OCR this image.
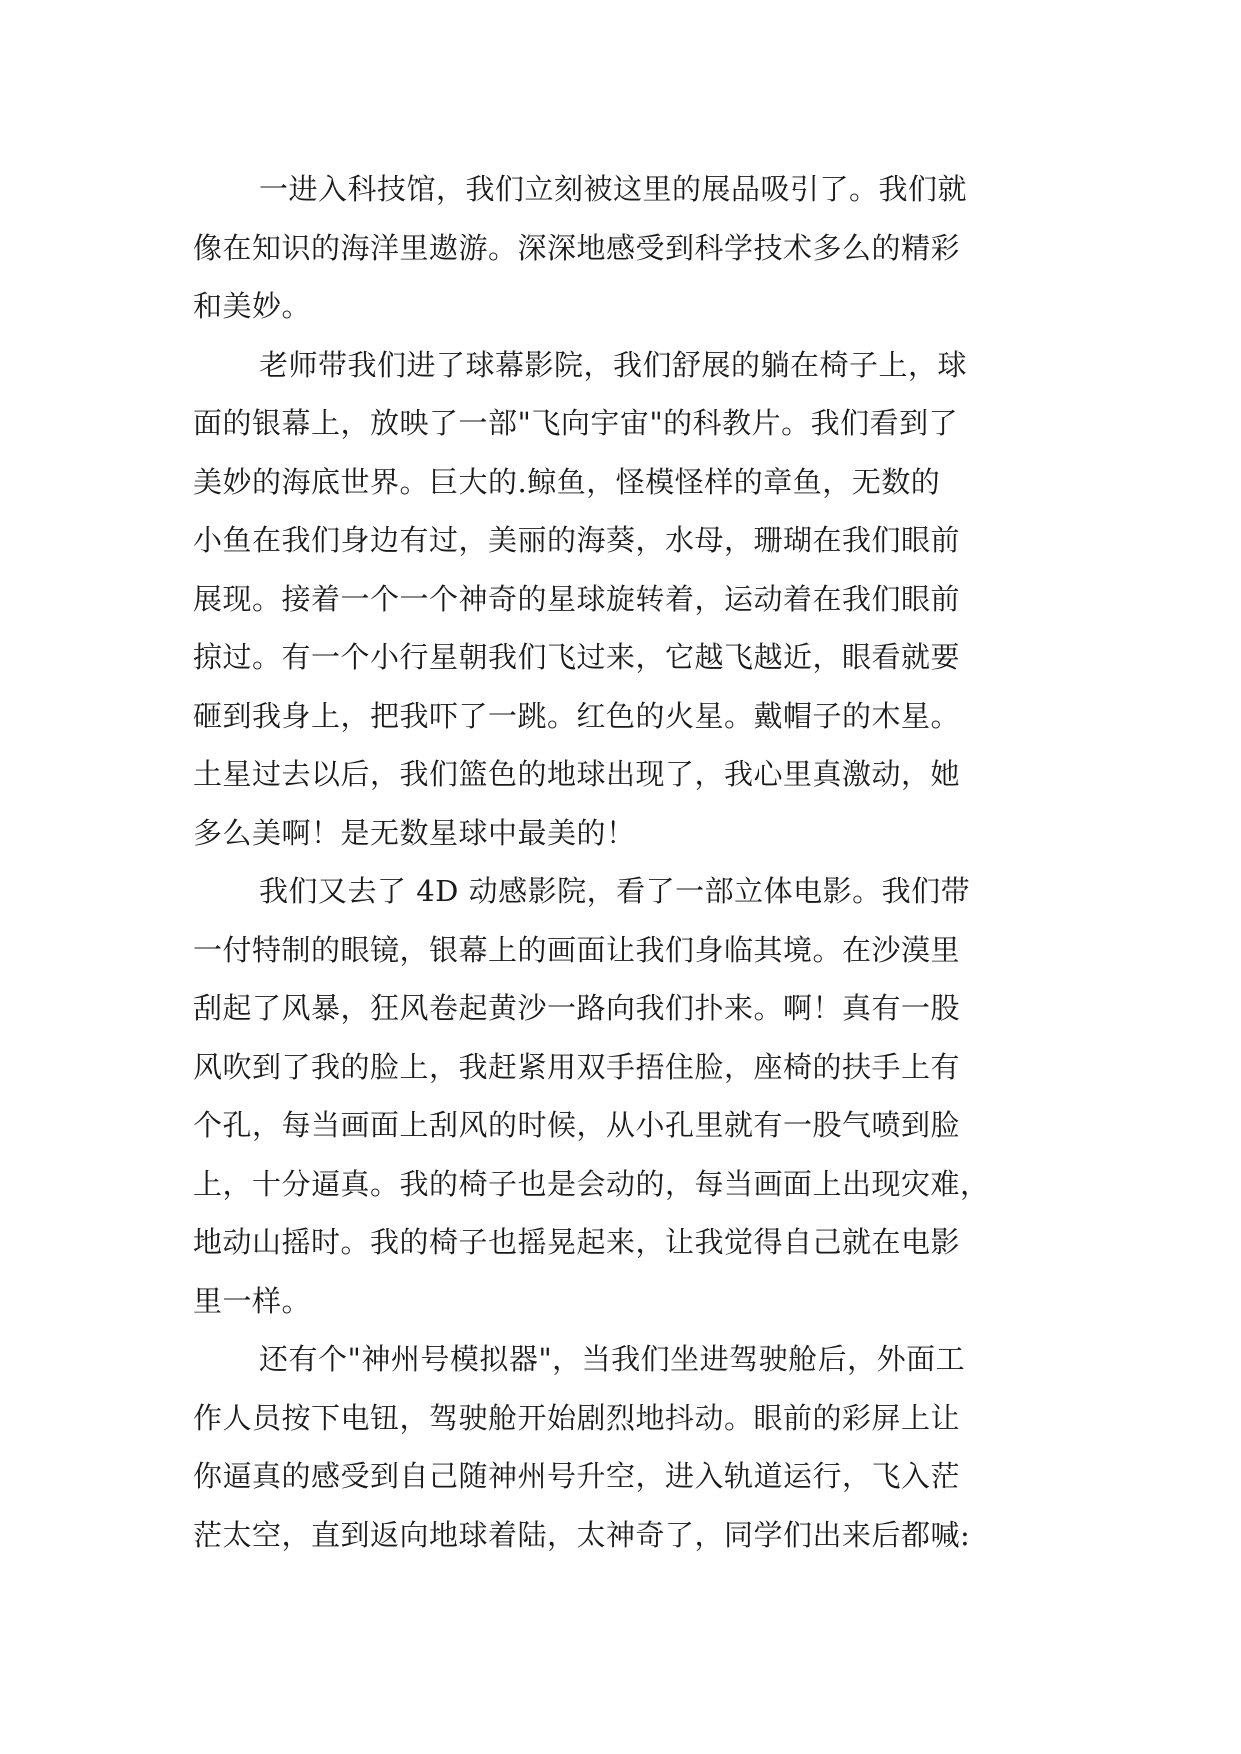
一进入科技馆，我们立刻被这里的展品吸引了。我们就
像在知识的海洋里遨游。深深地感受到科学技术多么的精彩
和美妙。
老师带我们进了球幕影院，我们舒展的躺在椅子上，球
面的银幕上，放映了一部"飞向宇宙"的科教片。我们看到了
美妙的海底世界。巨大的.鲸鱼，怪模怪样的章鱼，无数的
小鱼在我们身边有过，美丽的海葵，水母，珊瑚在我们眼前
展现。接着一个一个神奇的星球旋转着，运动着在我们眼前
掠过。有一个小行星朝我们飞过来，它越飞越近，眼看就要
砸到我身上，把我吓了一跳。红色的火星。戴帽子的木星。
土星过去以后，我们篮色的地球出现了，我心里真激动，她
多么美啊！是无数星球中最美的！
我们又去了 4D 动感影院，看了一部立体电影。我们带
一付特制的眼镜，银幕上的画面让我们身临其境。在沙漠里
刮起了风暴，狂风卷起黄沙一路向我们扑来。啊！真有一股
风吹到了我的脸上，我赶紧用双手捂住脸，座椅的扶手上有
个孔，每当画面上刮风的时候，从小孔里就有一股气喷到脸
上，十分逼真。我的椅子也是会动的，每当画面上出现灾难，
地动山摇时。我的椅子也摇晃起来，让我觉得自己就在电影
里一样。
还有个"神州号模拟器"，当我们坐进驾驶舱后，外面工
作人员按下电钮，驾驶舱开始剧烈地抖动。眼前的彩屏上让
你逼真的感受到自己随神州号升空，进入轨道运行，飞入茫
茫太空，直到返向地球着陆，太神奇了，同学们出来后都喊:
